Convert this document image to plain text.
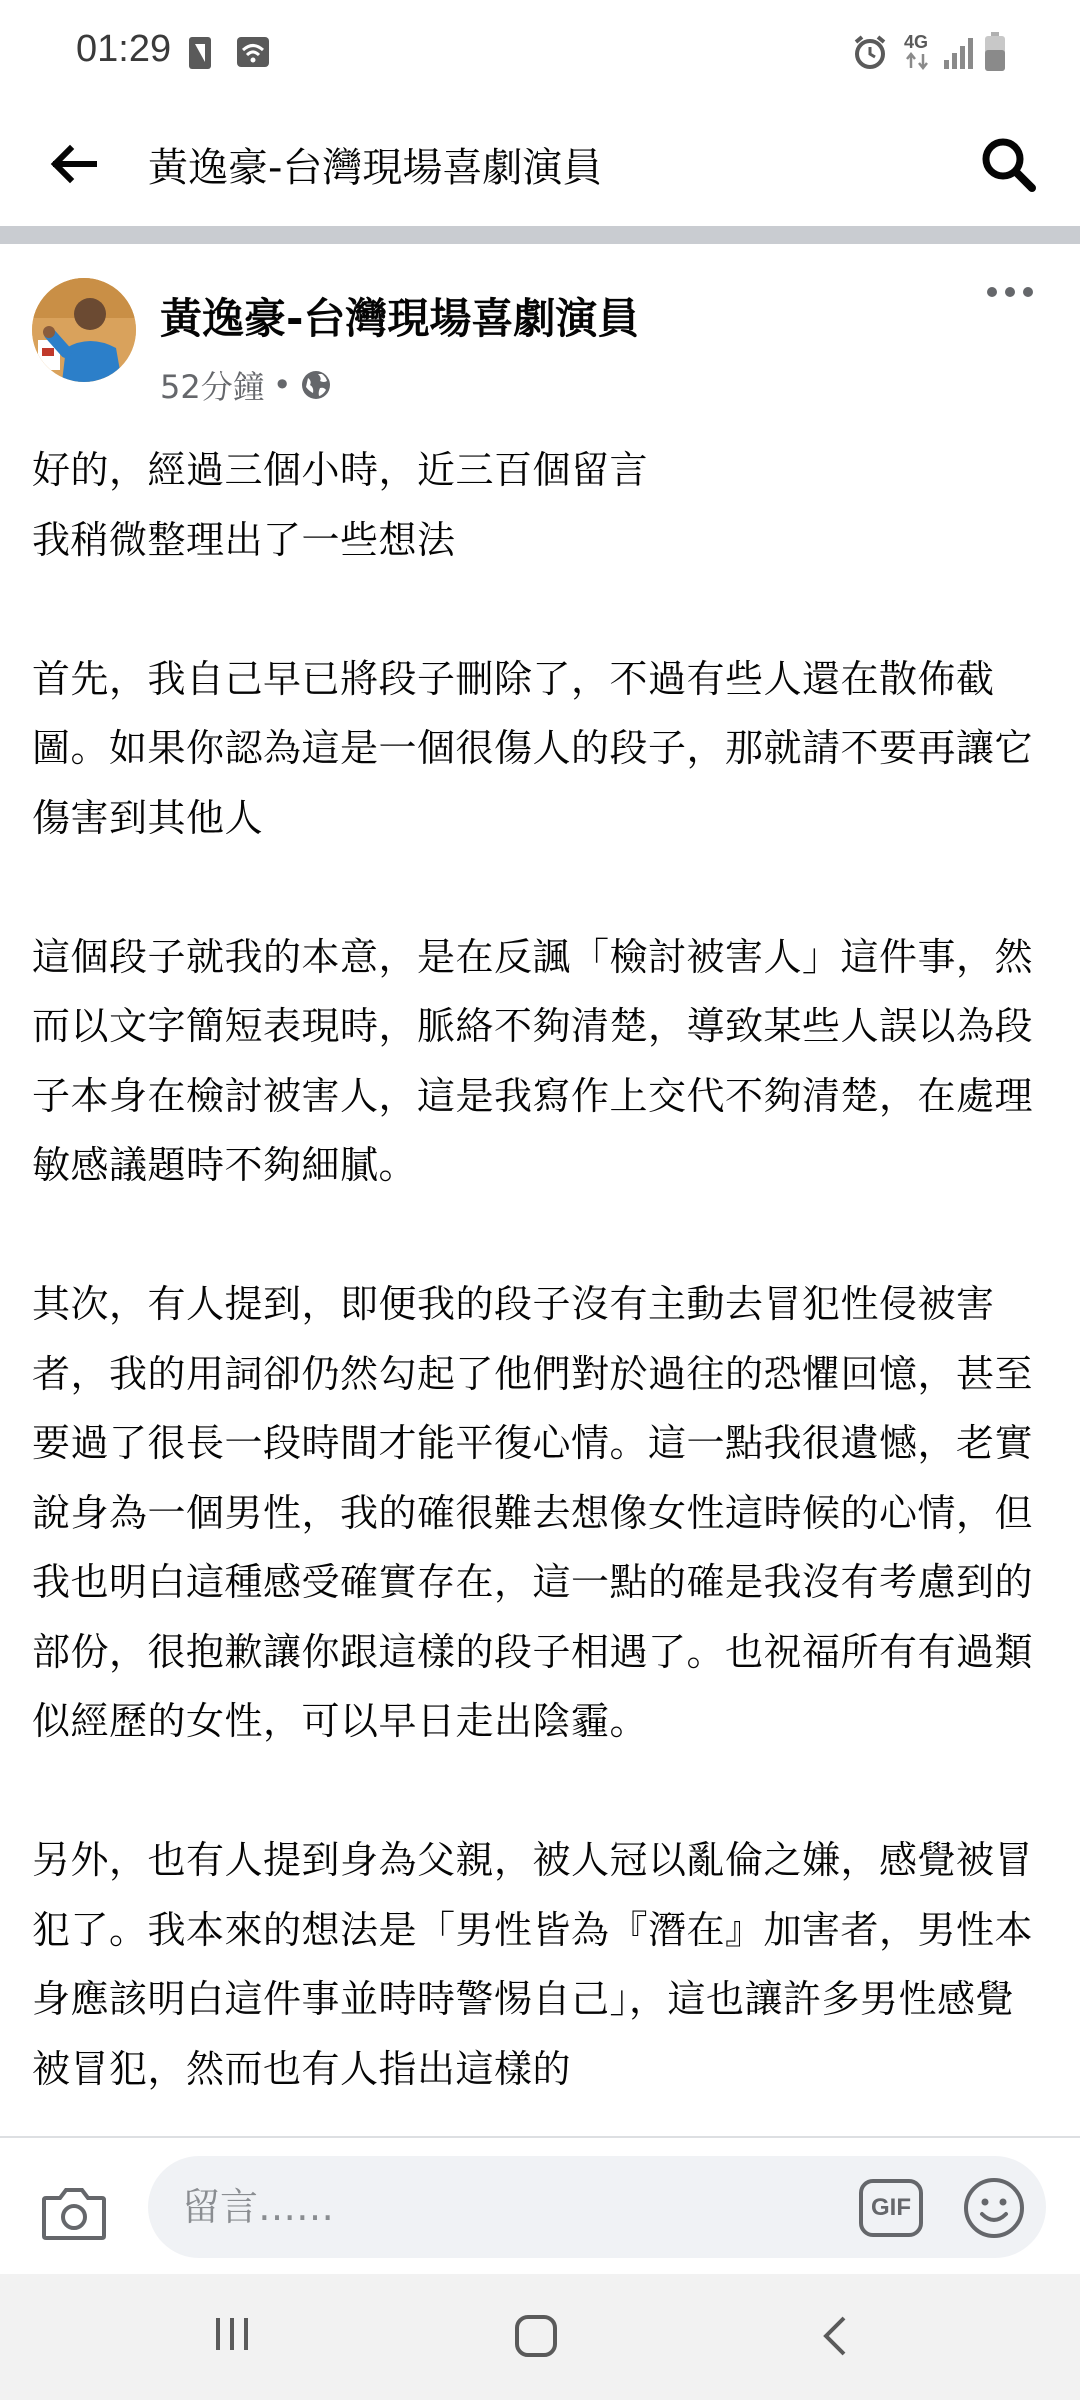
01:29	4G
黃逸豪-台灣現場喜劇演員
黃逸豪-台灣現場喜劇演員
52分鐘 •

好的，經過三個小時，近三百個留言
我稍微整理出了一些想法

首先，我自己早已將段子刪除了，不過有些人還在散佈截圖。如果你認為這是一個很傷人的段子，那就請不要再讓它傷害到其他人

這個段子就我的本意，是在反諷「檢討被害人」這件事，然而以文字簡短表現時，脈絡不夠清楚，導致某些人誤以為段子本身在檢討被害人，這是我寫作上交代不夠清楚，在處理敏感議題時不夠細膩。

其次，有人提到，即便我的段子沒有主動去冒犯性侵被害者，我的用詞卻仍然勾起了他們對於過往的恐懼回憶，甚至要過了很長一段時間才能平復心情。這一點我很遺憾，老實說身為一個男性，我的確很難去想像女性這時候的心情，但我也明白這種感受確實存在，這一點的確是我沒有考慮到的部份，很抱歉讓你跟這樣的段子相遇了。也祝福所有有過類似經歷的女性，可以早日走出陰霾。

另外，也有人提到身為父親，被人冠以亂倫之嫌，感覺被冒犯了。我本來的想法是「男性皆為『潛在』加害者，男性本身應該明白這件事並時時警惕自己」，這也讓許多男性感覺被冒犯，然而也有人指出這樣的

留言……
GIF
